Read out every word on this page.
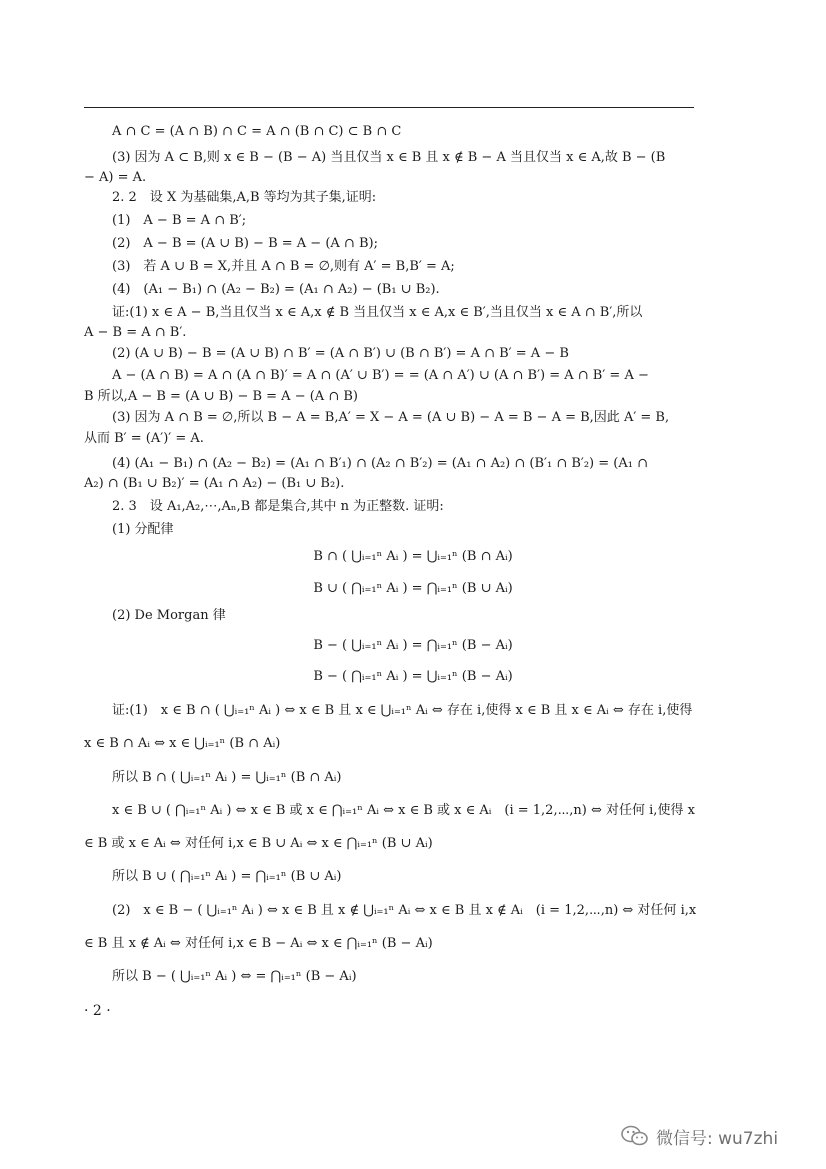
A ∩ C = (A ∩ B) ∩ C = A ∩ (B ∩ C) ⊂ B ∩ C
(3) 因为 A ⊂ B,则 x ∈ B − (B − A) 当且仅当 x ∈ B 且 x ∉ B − A 当且仅当 x ∈ A,故 B − (B
− A) = A.
2. 2　设 X 为基础集,A,B 等均为其子集,证明:
(1)　A − B = A ∩ B′;
(2)　A − B = (A ∪ B) − B = A − (A ∩ B);
(3)　若 A ∪ B = X,并且 A ∩ B = ∅,则有 A′ = B,B′ = A;
(4)　(A₁ − B₁) ∩ (A₂ − B₂) = (A₁ ∩ A₂) − (B₁ ∪ B₂).
证:(1) x ∈ A − B,当且仅当 x ∈ A,x ∉ B 当且仅当 x ∈ A,x ∈ B′,当且仅当 x ∈ A ∩ B′,所以
A − B = A ∩ B′.
(2) (A ∪ B) − B = (A ∪ B) ∩ B′ = (A ∩ B′) ∪ (B ∩ B′) = A ∩ B′ = A − B
A − (A ∩ B) = A ∩ (A ∩ B)′ = A ∩ (A′ ∪ B′) = = (A ∩ A′) ∪ (A ∩ B′) = A ∩ B′ = A −
B 所以,A − B = (A ∪ B) − B = A − (A ∩ B)
(3) 因为 A ∩ B = ∅,所以 B − A = B,A′ = X − A = (A ∪ B) − A = B − A = B,因此 A′ = B,
从而 B′ = (A′)′ = A.
(4) (A₁ − B₁) ∩ (A₂ − B₂) = (A₁ ∩ B′₁) ∩ (A₂ ∩ B′₂) = (A₁ ∩ A₂) ∩ (B′₁ ∩ B′₂) = (A₁ ∩
A₂) ∩ (B₁ ∪ B₂)′ = (A₁ ∩ A₂) − (B₁ ∪ B₂).
2. 3　设 A₁,A₂,⋯,Aₙ,B 都是集合,其中 n 为正整数. 证明:
(1) 分配律
B ∩ ( ⋃ᵢ₌₁ⁿ Aᵢ ) = ⋃ᵢ₌₁ⁿ (B ∩ Aᵢ)
B ∪ ( ⋂ᵢ₌₁ⁿ Aᵢ ) = ⋂ᵢ₌₁ⁿ (B ∪ Aᵢ)
(2) De Morgan 律
B − ( ⋃ᵢ₌₁ⁿ Aᵢ ) = ⋂ᵢ₌₁ⁿ (B − Aᵢ)
B − ( ⋂ᵢ₌₁ⁿ Aᵢ ) = ⋃ᵢ₌₁ⁿ (B − Aᵢ)
证:(1)　x ∈ B ∩ ( ⋃ᵢ₌₁ⁿ Aᵢ ) ⇔ x ∈ B 且 x ∈ ⋃ᵢ₌₁ⁿ Aᵢ ⇔ 存在 i,使得 x ∈ B 且 x ∈ Aᵢ ⇔ 存在 i,使得
x ∈ B ∩ Aᵢ ⇔ x ∈ ⋃ᵢ₌₁ⁿ (B ∩ Aᵢ)
所以 B ∩ ( ⋃ᵢ₌₁ⁿ Aᵢ ) = ⋃ᵢ₌₁ⁿ (B ∩ Aᵢ)
x ∈ B ∪ ( ⋂ᵢ₌₁ⁿ Aᵢ ) ⇔ x ∈ B 或 x ∈ ⋂ᵢ₌₁ⁿ Aᵢ ⇔ x ∈ B 或 x ∈ Aᵢ　(i = 1,2,⋯,n) ⇔ 对任何 i,使得 x
∈ B 或 x ∈ Aᵢ ⇔ 对任何 i,x ∈ B ∪ Aᵢ ⇔ x ∈ ⋂ᵢ₌₁ⁿ (B ∪ Aᵢ)
所以 B ∪ ( ⋂ᵢ₌₁ⁿ Aᵢ ) = ⋂ᵢ₌₁ⁿ (B ∪ Aᵢ)
(2)　x ∈ B − ( ⋃ᵢ₌₁ⁿ Aᵢ ) ⇔ x ∈ B 且 x ∉ ⋃ᵢ₌₁ⁿ Aᵢ ⇔ x ∈ B 且 x ∉ Aᵢ　(i = 1,2,⋯,n) ⇔ 对任何 i,x
∈ B 且 x ∉ Aᵢ ⇔ 对任何 i,x ∈ B − Aᵢ ⇔ x ∈ ⋂ᵢ₌₁ⁿ (B − Aᵢ)
所以 B − ( ⋃ᵢ₌₁ⁿ Aᵢ ) ⇔ = ⋂ᵢ₌₁ⁿ (B − Aᵢ)
· 2 ·
微信号: wu7zhi
